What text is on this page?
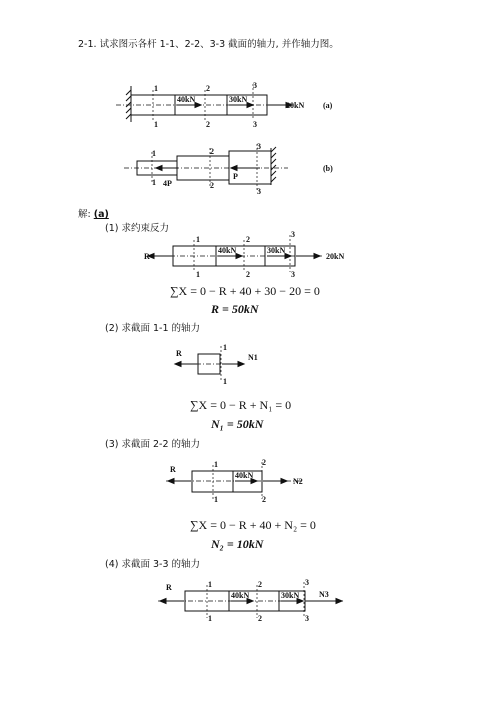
2-1. 试求图示各杆 1-1、2-2、3-3 截面的轴力, 并作轴力图。
1
1
2
2
3
3
40kN	30kN
20kN (a)
1
1
2
2
3
3
4P
P
(b)
解: (a)
(1) 求约束反力
R
1
1
2
2
3
3
40kN	30kN
20kN
∑X = 0 − R + 40 + 30 − 20 = 0
R = 50kN
(2) 求截面 1-1 的轴力
R
1
1
N1
∑X = 0 − R + N₁ = 0
N₁ = 50kN
(3) 求截面 2-2 的轴力
R
1
1
2
2
40kN
N2
∑X = 0 − R + 40 + N₂ = 0
N₂ = 10kN
(4) 求截面 3-3 的轴力
R	1
1
2
2
3
3
40kN	30kN N3
